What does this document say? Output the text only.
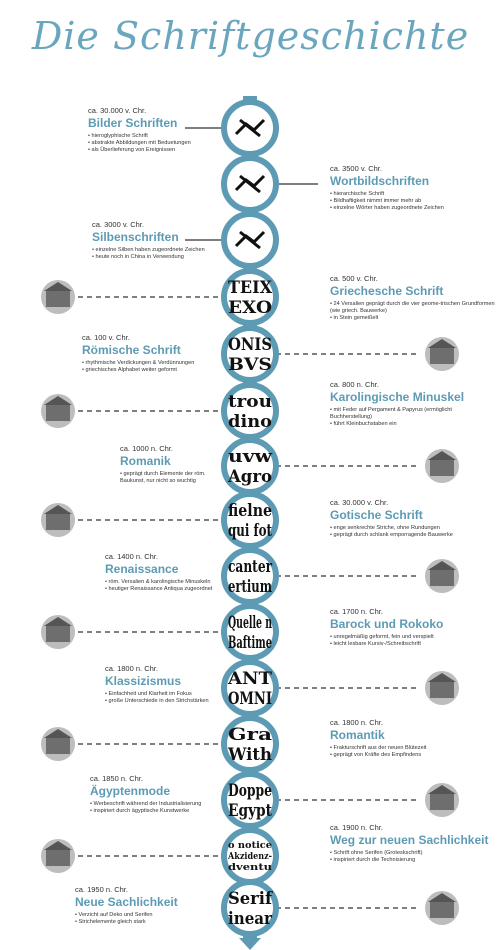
Die Schriftgeschichte
TEIX
EXO
ONIS
BVS
trou
dino
uvw
Agro
fielne
qui fot
canter
ertium
Quelle n
Baftime
ANT
OMNI
Gra
With
Doppe
Egypt
o notice
Akzidenz-
dventu
Serif
inear
ca. 30.000 v. Chr.
Bilder Schriften
• hieroglyphische Schrift
• abstrakte Abbildungen mit Beduetungen
• als Überlieferung von Ereignissen
ca. 3500 v. Chr.
Wortbildschriften
• hierarchische Schrift
• Bildhaftigkeit nimmt immer mehr ab
• einzelne Wörter haben zugeordnete Zeichen
ca. 3000 v. Chr.
Silbenschriften
• einzelne Silben haben zugeordnete Zeichen
• heute noch in China in Verwendung
ca. 500 v. Chr.
Griechesche Schrift
• 24 Versalien geprägt durch die vier geome-trischen Grundformen (wie griech. Bauwerke)
• in Stein gemeißelt
ca. 100 v. Chr.
Römische Schrift
• rhythmische Verdickungen & Verdünnungen
• griechisches Alphabet weiter geformt
ca. 800 n. Chr.
Karolingische Minuskel
• mit Feder auf Pergament & Papyrus (ermöglicht Buchherstellung)
• führt Kleinbuchstaben ein
ca. 1000 n. Chr.
Romanik
• geprägt durch Elemente der röm. Baukunst, nur nicht so wuchtig
ca. 30.000 v. Chr.
Gotische Schrift
• enge senkrechte Striche, ohne Rundungen
• geprägt durch schlank emporragende Bauwerke
ca. 1400 n. Chr.
Renaissance
• röm. Versalien & karolingische Minuskeln
• heutiger Renaissance Antiqua zugeordnet
ca. 1700 n. Chr.
Barock und Rokoko
• unregelmäßig geformt, fein und verspielt
• leicht lesbare Kursiv-/Schreibschrift
ca. 1800 n. Chr.
Klassizismus
• Einfachheit und Klarheit im Fokus
• große Unterschiede in den Strichstärken
ca. 1800 n. Chr.
Romantik
• Frakturschrift aus der neuen Blütezeit
• geprägt von Kräfte des Empfindens
ca. 1850 n. Chr.
Ägyptenmode
• Werbeschrift während der Industrialisierung
• inspiriert durch ägyptische Kunstwerke
ca. 1900 n. Chr.
Weg zur neuen Sachlichkeit
• Schrift ohne Serifen (Groteskschrift)
• inspiriert durch die Technisierung
ca. 1950 n. Chr.
Neue Sachlichkeit
• Verzicht auf Deko und Serifen
• Strichelemente gleich stark
